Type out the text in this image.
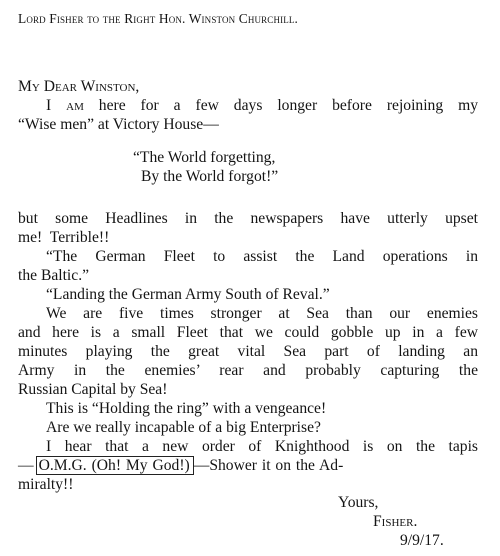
Lord Fisher to the Right Hon. Winston Churchill.
My Dear Winston,
I am here for a few days longer before rejoining my
“Wise men” at Victory House—
“The World forgetting,
By the World forgot!”
but some Headlines in the newspapers have utterly upset
me!  Terrible!!
“The German Fleet to assist the Land operations in
the Baltic.”
“Landing the German Army South of Reval.”
We are five times stronger at Sea than our enemies
and here is a small Fleet that we could gobble up in a few
minutes playing the great vital Sea part of landing an
Army in the enemies’ rear and probably capturing the
Russian Capital by Sea!
This is “Holding the ring” with a vengeance!
Are we really incapable of a big Enterprise?
I hear that a new order of Knighthood is on the tapis
— O.M.G. (Oh! My God!) —Shower it on the Ad-
miralty!!
Yours,
Fisher.
9/9/17.
